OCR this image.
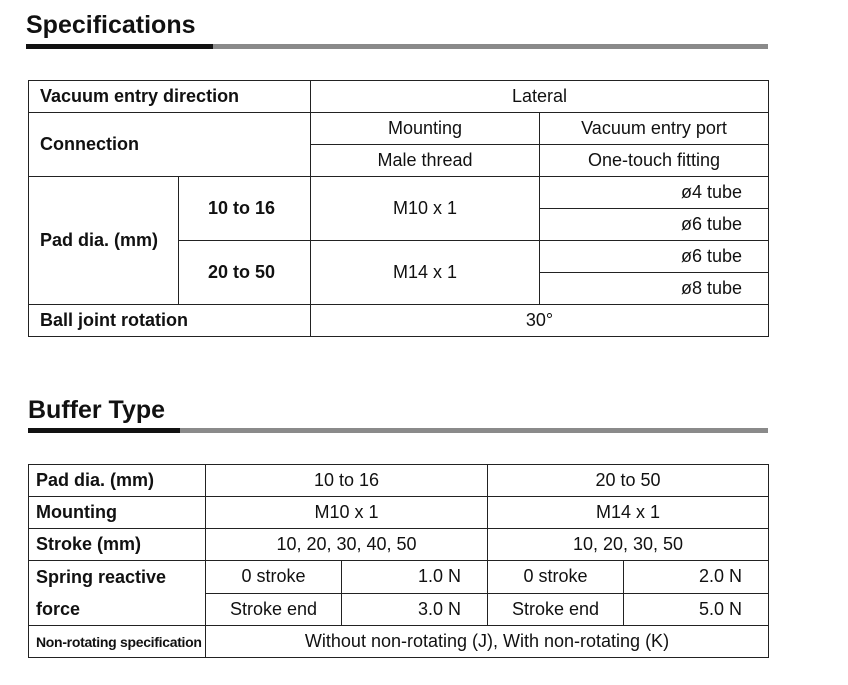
Specifications
Vacuum entry direction		Lateral	
Connection		Mounting	Vacuum entry port
		Male thread	One-touch fitting
Pad dia. (mm)	10 to 16	M10 x 1	ø4 tube
			ø6 tube
	20 to 50	M14 x 1	ø6 tube
			ø8 tube
Ball joint rotation		30°	
Buffer Type
Pad dia. (mm)	10 to 16		20 to 50	
Mounting	M10 x 1		M14 x 1	
Stroke (mm)	10, 20, 30, 40, 50		10, 20, 30, 50	
Spring reactive	0 stroke	1.0 N	0 stroke	2.0 N
force	Stroke end	3.0 N	Stroke end	5.0 N
Non-rotating specification	Without non-rotating (J), With non-rotating (K)			
